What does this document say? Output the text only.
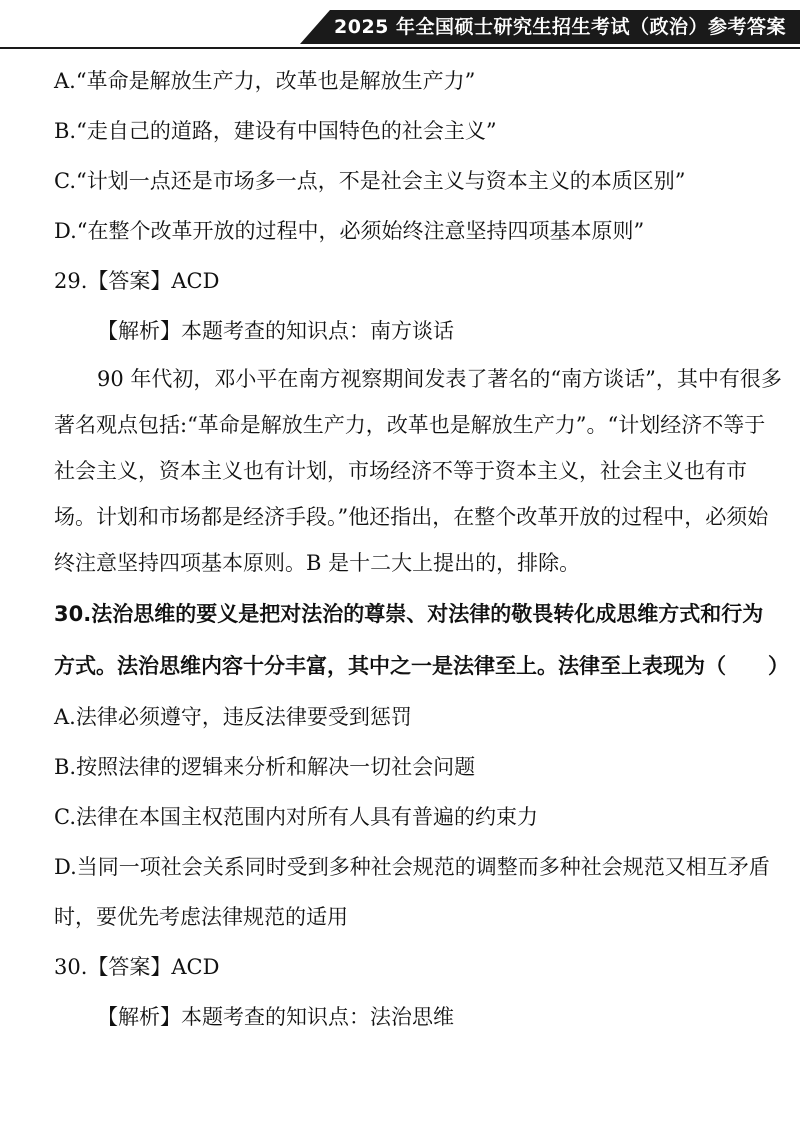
2025 年全国硕士研究生招生考试（政治）参考答案
A.“革命是解放生产力，改革也是解放生产力”
B.“走自己的道路，建设有中国特色的社会主义”
C.“计划一点还是市场多一点，不是社会主义与资本主义的本质区别”
D.“在整个改革开放的过程中，必须始终注意坚持四项基本原则”
29.【答案】ACD
【解析】本题考查的知识点：南方谈话

90 年代初，邓小平在南方视察期间发表了著名的“南方谈话”，其中有很多著名观点包括:“革命是解放生产力，改革也是解放生产力”。“计划经济不等于社会主义，资本主义也有计划，市场经济不等于资本主义，社会主义也有市场。计划和市场都是经济手段。”他还指出，在整个改革开放的过程中，必须始终注意坚持四项基本原则。B 是十二大上提出的，排除。

30.法治思维的要义是把对法治的尊崇、对法律的敬畏转化成思维方式和行为方式。法治思维内容十分丰富，其中之一是法律至上。法律至上表现为（　　）

A.法律必须遵守，违反法律要受到惩罚
B.按照法律的逻辑来分析和解决一切社会问题
C.法律在本国主权范围内对所有人具有普遍的约束力

D.当同一项社会关系同时受到多种社会规范的调整而多种社会规范又相互矛盾时，要优先考虑法律规范的适用

30.【答案】ACD
【解析】本题考查的知识点：法治思维
